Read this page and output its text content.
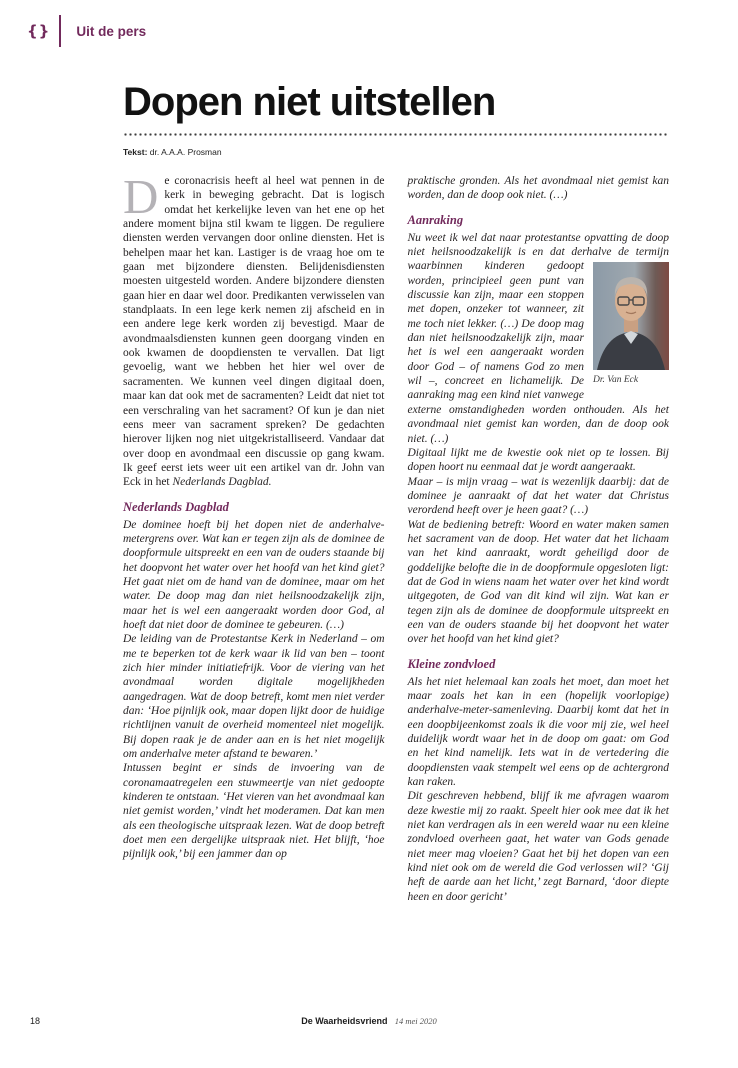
{} Uit de pers
Dopen niet uitstellen

Tekst: dr. A.A.A. Prosman

De coronacrisis heeft al heel wat pennen in de kerk in beweging gebracht. Dat is logisch omdat het kerkelijke leven van het ene op het andere moment bijna stil kwam te liggen. De reguliere diensten werden vervangen door online diensten. Het is behelpen maar het kan. Lastiger is de vraag hoe om te gaan met bijzondere diensten. Belijdenisdiensten moesten uitgesteld worden. Andere bijzondere diensten gaan hier en daar wel door. Predikanten verwisselen van standplaats. In een lege kerk nemen zij afscheid en in een andere lege kerk worden zij bevestigd. Maar de avondmaalsdiensten kunnen geen doorgang vinden en ook kwamen de doopdiensten te vervallen. Dat ligt gevoelig, want we hebben het hier wel over de sacramenten. We kunnen veel dingen digitaal doen, maar kan dat ook met de sacramenten? Leidt dat niet tot een verschraling van het sacrament? Of kun je dan niet eens meer van sacrament spreken? De gedachten hierover lijken nog niet uitgekristalliseerd. Vandaar dat over doop en avondmaal een discussie op gang kwam. Ik geef eerst iets weer uit een artikel van dr. John van Eck in het Nederlands Dagblad.

Nederlands Dagblad

De dominee hoeft bij het dopen niet de anderhalve-metergrens over. Wat kan er tegen zijn als de dominee de doopformule uitspreekt en een van de ouders staande bij het doopvont het water over het hoofd van het kind giet? Het gaat niet om de hand van de dominee, maar om het water. De doop mag dan niet heilsnoodzakelijk zijn, maar het is wel een aangeraakt worden door God, al hoeft dat niet door de dominee te gebeuren. (…)

De leiding van de Protestantse Kerk in Nederland – om me te beperken tot de kerk waar ik lid van ben – toont zich hier minder initiatiefrijk. Voor de viering van het avondmaal worden digitale mogelijkheden aangedragen. Wat de doop betreft, komt men niet verder dan: ‘Hoe pijnlijk ook, maar dopen lijkt door de huidige richtlijnen vanuit de overheid momenteel niet mogelijk. Bij dopen raak je de ander aan en is het niet mogelijk om anderhalve meter afstand te bewaren.’

Intussen begint er sinds de invoering van de coronamaatregelen een stuwmeertje van niet gedoopte kinderen te ontstaan. ‘Het vieren van het avondmaal kan niet gemist worden,’ vindt het moderamen. Dat kan men als een theologische uitspraak lezen. Wat de doop betreft doet men een dergelijke uitspraak niet. Het blijft, ‘hoe pijnlijk ook,’ bij een jammer dan op

praktische gronden. Als het avondmaal niet gemist kan worden, dan de doop ook niet. (…)

Aanraking
Nu weet ik wel dat naar protestantse opvatting de doop niet heilsnoodzakelijk is en dat derhalve de termijn waarbinnen kinderen gedoopt
Dr. Van Eck
worden, principieel geen punt van discussie kan zijn, maar een stoppen met dopen, onzeker tot wanneer, zit me toch niet lekker. (…) De doop mag dan niet heilsnoodzakelijk zijn, maar het is wel een aangeraakt worden door God – of namens God zo men wil –, concreet en lichamelijk. De aanraking mag een kind niet vanwege externe omstandigheden worden onthouden. Als het avondmaal niet gemist kan worden, dan de doop ook niet. (…)

Digitaal lijkt me de kwestie ook niet op te lossen. Bij dopen hoort nu eenmaal dat je wordt aangeraakt.

Maar – is mijn vraag – wat is wezenlijk daarbij: dat de dominee je aanraakt of dat het water dat Christus verordend heeft over je heen gaat? (…)

Wat de bediening betreft: Woord en water maken samen het sacrament van de doop. Het water dat het lichaam van het kind aanraakt, wordt geheiligd door de goddelijke belofte die in de doopformule opgesloten ligt: dat de God in wiens naam het water over het kind wordt uitgegoten, de God van dit kind wil zijn. Wat kan er tegen zijn als de dominee de doopformule uitspreekt en een van de ouders staande bij het doopvont het water over het hoofd van het kind giet?

Kleine zondvloed

Als het niet helemaal kan zoals het moet, dan moet het maar zoals het kan in een (hopelijk voorlopige) anderhalve-meter-samenleving. Daarbij komt dat het in een doopbijeenkomst zoals ik die voor mij zie, wel heel duidelijk wordt waar het in de doop om gaat: om God en het kind namelijk. Iets wat in de vertedering die doopdiensten vaak stempelt wel eens op de achtergrond kan raken.

Dit geschreven hebbend, blijf ik me afvragen waarom deze kwestie mij zo raakt. Speelt hier ook mee dat ik het niet kan verdragen als in een wereld waar nu een kleine zondvloed overheen gaat, het water van Gods genade niet meer mag vloeien? Gaat het bij het dopen van een kind niet ook om de wereld die God verlossen wil? ‘Gij heft de aarde aan het licht,’ zegt Barnard, ‘door diepte heen en door gericht’

18	De Waarheidsvriend 14 mei 2020
